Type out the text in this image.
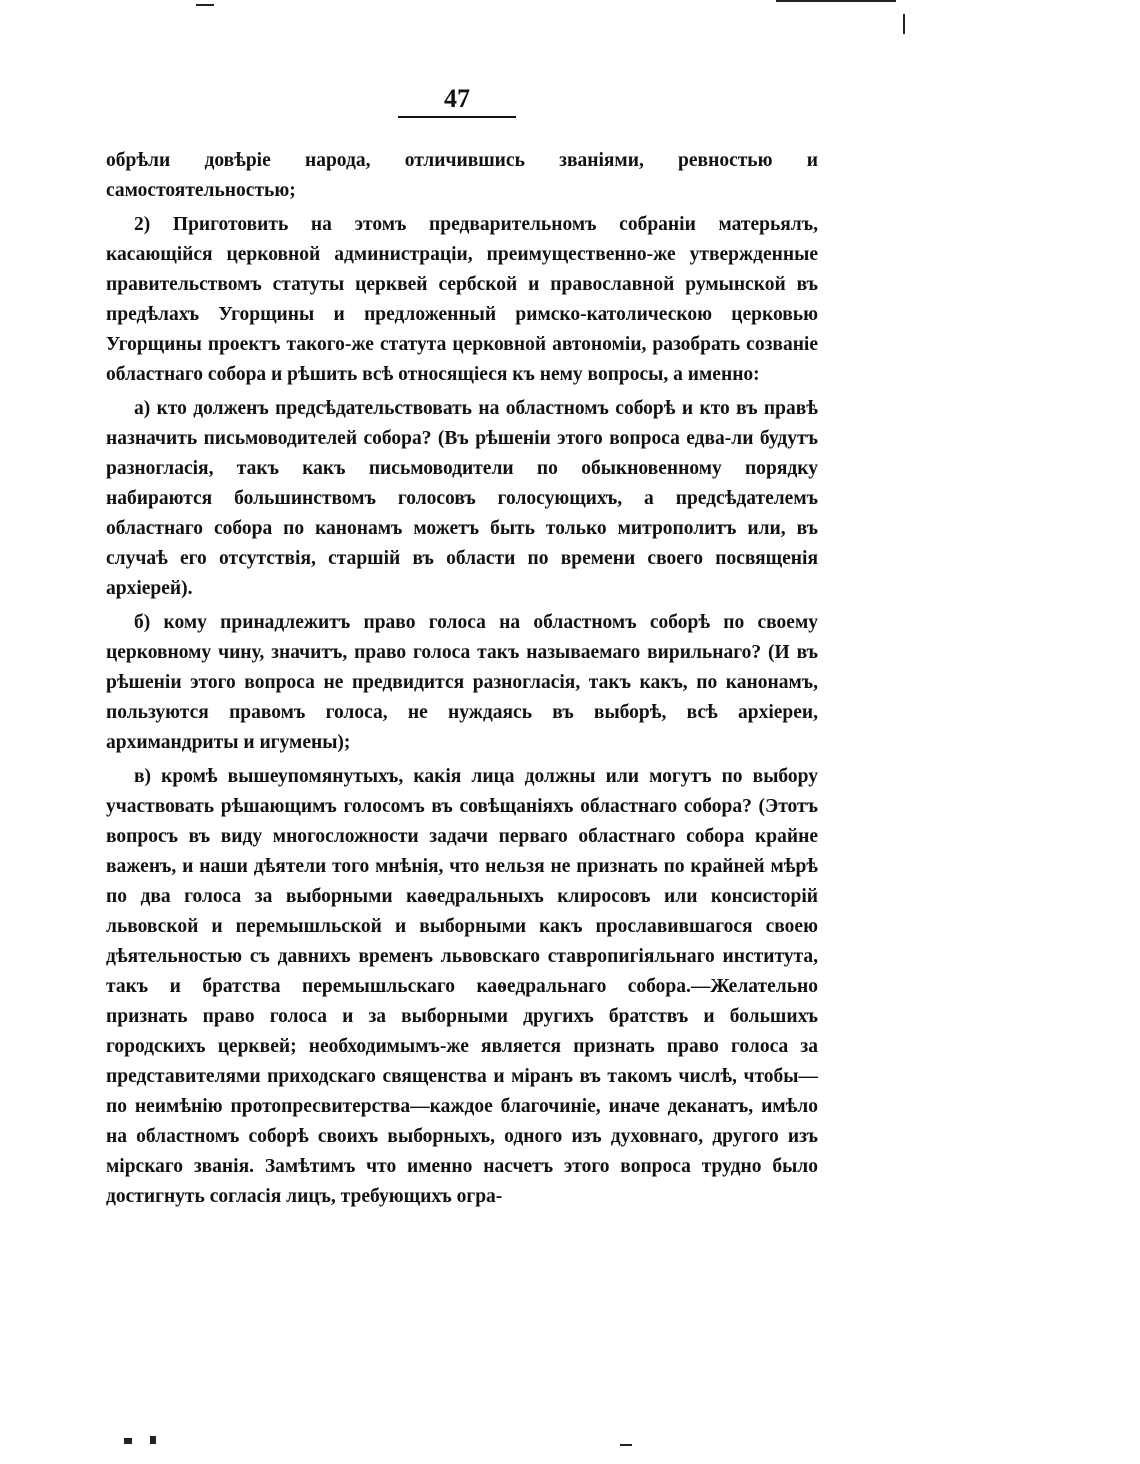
47

обрѣли довѣріе народа, отличившись званіями, ревностью и самостоятельностью;

2) Приготовить на этомъ предварительномъ собраніи матерьялъ, касающійся церковной администраціи, преимущественно-же утвержденные правительствомъ статуты церквей сербской и православной румынской въ предѣлахъ Угорщины и предложенный римско-католическою церковью Угорщины проектъ такого-же статута церковной автономіи, разобрать созваніе областнаго собора и рѣшить всѣ относящіеся къ нему вопросы, а именно:

а) кто долженъ предсѣдательствовать на областномъ соборѣ и кто въ правѣ назначить письмоводителей собора? (Въ рѣшеніи этого вопроса едва-ли будутъ разногласія, такъ какъ письмоводители по обыкновенному порядку набираются большинствомъ голосовъ голосующихъ, а предсѣдателемъ областнаго собора по канонамъ можетъ быть только митрополитъ или, въ случаѣ его отсутствія, старшій въ области по времени своего посвященія архіерей).

б) кому принадлежитъ право голоса на областномъ соборѣ по своему церковному чину, значитъ, право голоса такъ называемаго вирильнаго? (И въ рѣшеніи этого вопроса не предвидится разногласія, такъ какъ, по канонамъ, пользуются правомъ голоса, не нуждаясь въ выборѣ, всѣ архіереи, архимандриты и игумены);

в) кромѣ вышеупомянутыхъ, какія лица должны или могутъ по выбору участвовать рѣшающимъ голосомъ въ совѣщаніяхъ областнаго собора? (Этотъ вопросъ въ виду многосложности задачи перваго областнаго собора крайне важенъ, и наши дѣятели того мнѣнія, что нельзя не признать по крайней мѣрѣ по два голоса за выборными каѳедральныхъ клиросовъ или консисторій львовской и перемышльской и выборными какъ прославившагося своею дѣятельностью съ давнихъ временъ львовскаго ставропигіяльнаго института, такъ и братства перемышльскаго каѳедральнаго собора.—Желательно признать право голоса и за выборными другихъ братствъ и большихъ городскихъ церквей; необходимымъ-же является признать право голоса за представителями приходскаго священства и міранъ въ такомъ числѣ, чтобы—по неимѣнію протопресвитерства—каждое благочиніе, иначе деканатъ, имѣло на областномъ соборѣ своихъ выборныхъ, одного изъ духовнаго, другого изъ мірскаго званія. Замѣтимъ что именно насчетъ этого вопроса трудно было достигнуть согласія лицъ, требующихъ огра-
